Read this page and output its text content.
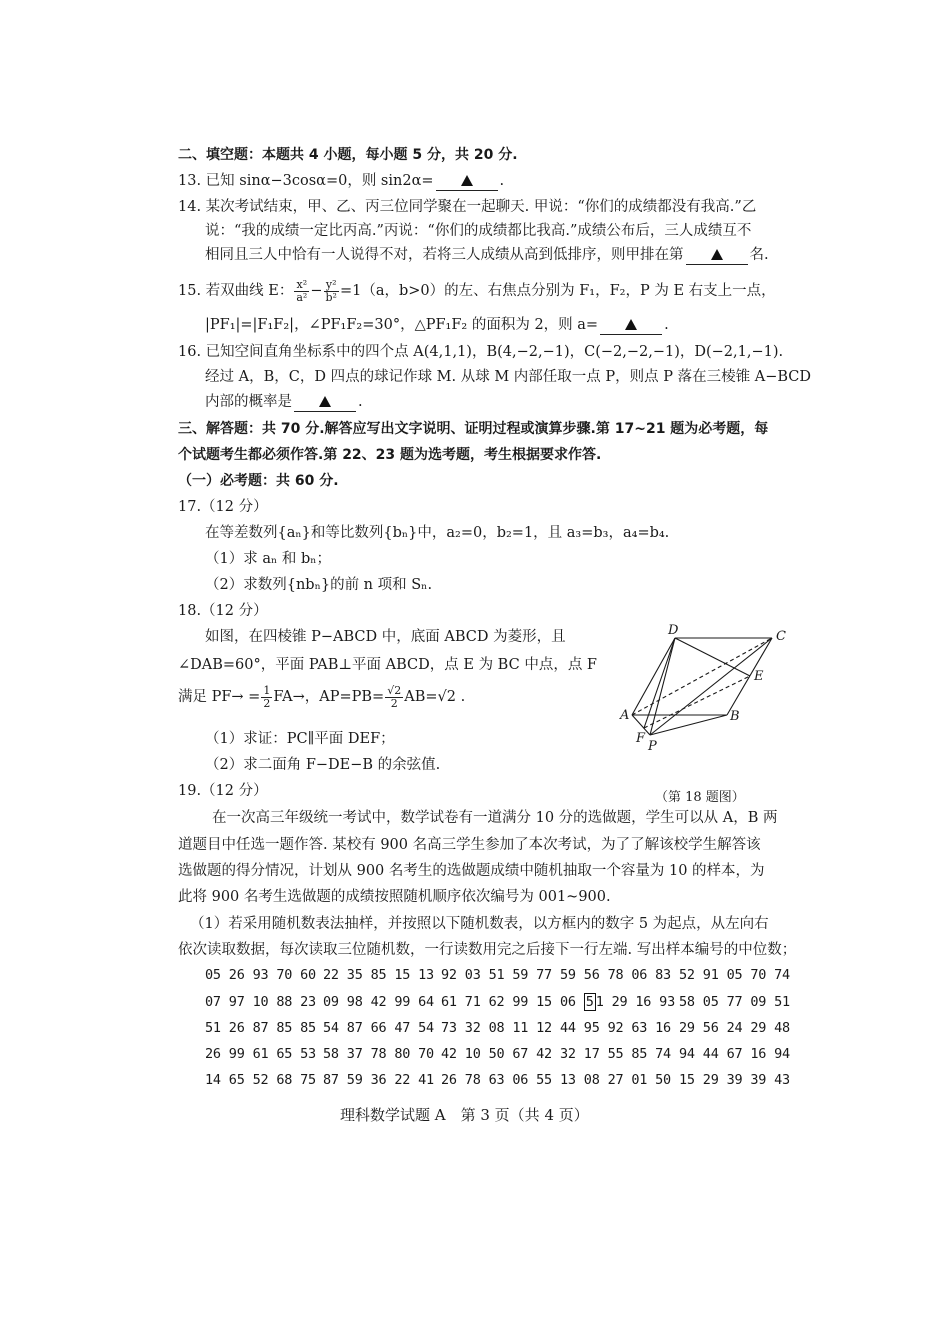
二、填空题：本题共 4 小题，每小题 5 分，共 20 分.
13. 已知 sinα−3cosα=0，则 sin2α=	.
14. 某次考试结束，甲、乙、丙三位同学聚在一起聊天. 甲说：“你们的成绩都没有我高.”乙
说：“我的成绩一定比丙高.”丙说：“你们的成绩都比我高.”成绩公布后，三人成绩互不
相同且三人中恰有一人说得不对，若将三人成绩从高到低排序，则甲排在第	名.
15. 若双曲线 E： $\frac{\text{x²}}{\text{a²}} - \frac{\text{y²}}{\text{b²}} =1(a$，b>0）的左、右焦点分别为 F₁，F₂，P 为 E 右支上一点，
|PF₁|=|F₁F₂|，∠PF₁F₂=30°，△PF₁F₂ 的面积为 2，则 a=	.
16. 已知空间直角坐标系中的四个点 A(4,1,1)，B(4,−2,−1)，C(−2,−2,−1)，D(−2,1,−1).
经过 A，B，C，D 四点的球记作球 M. 从球 M 内部任取一点 P，则点 P 落在三棱锥 A−BCD
内部的概率是	.
三、解答题：共 70 分.解答应写出文字说明、证明过程或演算步骤.第 17~21 题为必考题，每
个试题考生都必须作答.第 22、23 题为选考题，考生根据要求作答.
（一）必考题：共 60 分.
17.（12 分）
在等差数列{aₙ}和等比数列{bₙ}中，a₂=0，b₂=1，且 a₃=b₃，a₄=b₄.
（1）求 aₙ 和 bₙ；
（2）求数列{nbₙ}的前 n 项和 Sₙ.
18.（12 分）
如图，在四棱锥 P−ABCD 中，底面 ABCD 为菱形，且
∠DAB=60°，平面 PAB⊥平面 ABCD，点 E 为 BC 中点，点 F
满足 $PF\to = \frac{1}{2} FA\to$，$AP=PB= \frac{√2}{2} AB=√2$ .
（1）求证：PC∥平面 DEF；
（2）求二面角 F−DE−B 的余弦值.
D	C
E
A	B
F
P
（第 18 题图）
19.（12 分）
在一次高三年级统一考试中，数学试卷有一道满分 10 分的选做题，学生可以从 A，B 两
道题目中任选一题作答. 某校有 900 名高三学生参加了本次考试，为了了解该校学生解答该
选做题的得分情况，计划从 900 名考生的选做题成绩中随机抽取一个容量为 10 的样本，为
此将 900 名考生选做题的成绩按照随机顺序依次编号为 001~900.
（1）若采用随机数表法抽样，并按照以下随机数表，以方框内的数字 5 为起点，从左向右
依次读取数据，每次读取三位随机数，一行读数用完之后接下一行左端. 写出样本编号的中位数；
05 26 93 70 60 22 35 85 15 13 92 03 51 59 77 59 56 78 06 83 52 91 05 70 74
07 97 10 88 23 09 98 42 99 64 61 71 62 99 15 06 5 1 29 16 93 58 05 77 09 51
51 26 87 85 85 54 87 66 47 54 73 32 08 11 12 44 95 92 63 16 29 56 24 29 48
26 99 61 65 53 58 37 78 80 70 42 10 50 67 42 32 17 55 85 74 94 44 67 16 94
14 65 52 68 75 87 59 36 22 41 26 78 63 06 55 13 08 27 01 50 15 29 39 39 43
理科数学试题 A　第 3 页（共 4 页）
